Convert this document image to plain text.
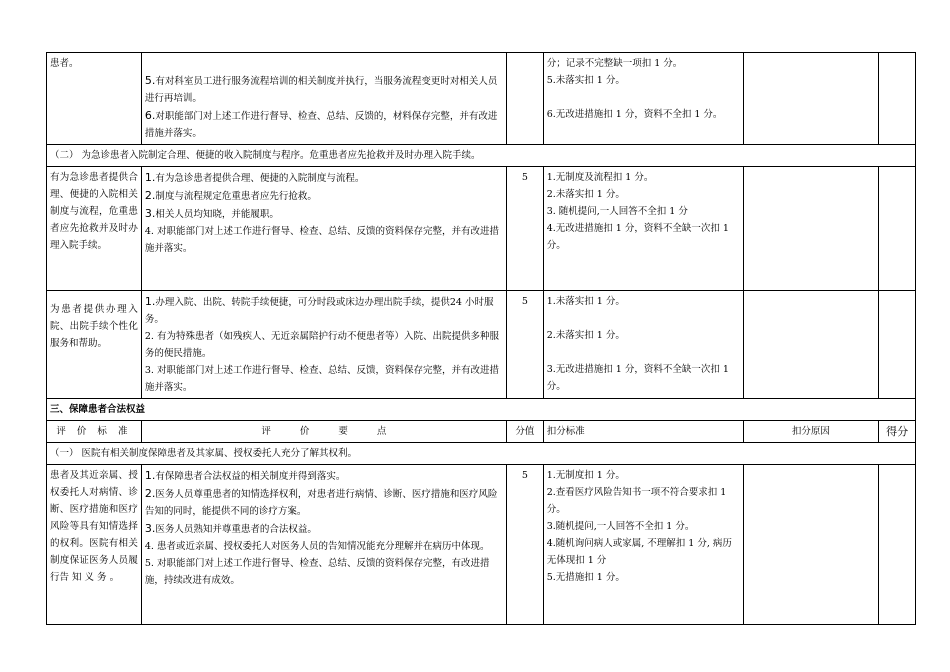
患者。	5.有对科室员工进行服务流程培训的相关制度并执行，当服务流程变更时对相关人员进行再培训。
6.对职能部门对上述工作进行督导、检查、总结、反馈的，材料保存完整，并有改进措施并落实。		分；记录不完整缺一项扣 1 分。
5.未落实扣 1 分。
6.无改进措施扣 1 分，资料不全扣 1 分。		

（二） 为急诊患者入院制定合理、便捷的收入院制度与程序。危重患者应先抢救并及时办理入院手续。					
有为急诊患者提供合理、便捷的入院相关制度与流程，危重患者应先抢救并及时办理入院手续。	1.有为急诊患者提供合理、便捷的入院制度与流程。
2.制度与流程规定危重患者应先行抢救。
3.相关人员均知晓，并能履职。
4. 对职能部门对上述工作进行督导、检查、总结、反馈的资料保存完整，并有改进措施并落实。	5	1.无制度及流程扣 1 分。
2.未落实扣 1 分。
3. 随机提问,一人回答不全扣 1 分
4.无改进措施扣 1 分，资料不全缺一次扣 1 分。		

为患者提供办理入院、出院手续个性化服务和帮助。	1.办理入院、出院、转院手续便捷，可分时段或床边办理出院手续，提供24 小时服务。
2. 有为特殊患者（如残疾人、无近亲属陪护行动不便患者等）入院、出院提供多种服务的便民措施。
3. 对职能部门对上述工作进行督导、检查、总结、反馈，资料保存完整，并有改进措施并落实。	5	1.未落实扣 1 分。
2.未落实扣 1 分。
3.无改进措施扣 1 分，资料不全缺一次扣 1 分。		

三、保障患者合法权益					
评 价 标 准	评 价 要 点	分值	扣分标准	扣分原因	得分
（一） 医院有相关制度保障患者及其家属、授权委托人充分了解其权利。					
患者及其近亲属、授权委托人对病情、诊断、医疗措施和医疗风险等具有知情选择的权利。医院有相关制度保证医务人员履行告 知 义 务 。	1.有保障患者合法权益的相关制度并得到落实。
2.医务人员尊重患者的知情选择权利，对患者进行病情、诊断、医疗措施和医疗风险告知的同时，能提供不同的诊疗方案。
3.医务人员熟知并尊重患者的合法权益。
4. 患者或近亲属、授权委托人对医务人员的告知情况能充分理解并在病历中体现。
5. 对职能部门对上述工作进行督导、检查、总结、反馈的资料保存完整，有改进措施，持续改进有成效。	5	1.无制度扣 1 分。
2.查看医疗风险告知书一项不符合要求扣 1 分。
3.随机提问,一人回答不全扣 1 分。
4.随机询问病人或家属, 不理解扣 1 分, 病历无体现扣 1 分
5.无措施扣 1 分。		
